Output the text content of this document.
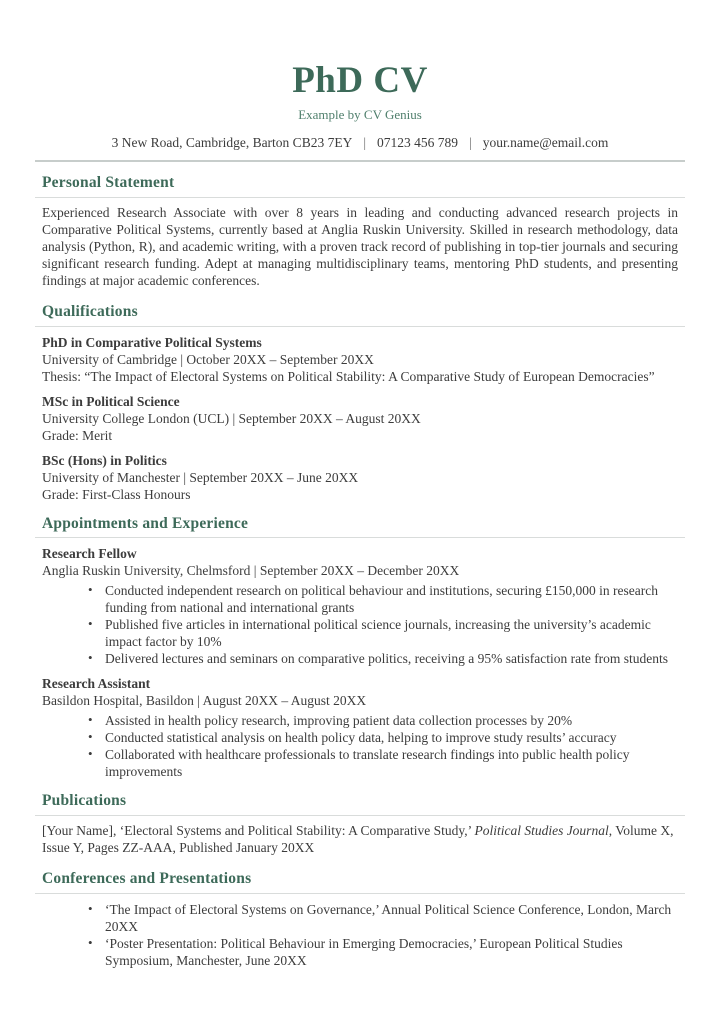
PhD CV
Example by CV Genius
3 New Road, Cambridge, Barton CB23 7EY | 07123 456 789 | your.name@email.com
Personal Statement

Experienced Research Associate with over 8 years in leading and conducting advanced research projects in Comparative Political Systems, currently based at Anglia Ruskin University. Skilled in research methodology, data analysis (Python, R), and academic writing, with a proven track record of publishing in top-tier journals and securing significant research funding. Adept at managing multidisciplinary teams, mentoring PhD students, and presenting findings at major academic conferences.

Qualifications
PhD in Comparative Political Systems
University of Cambridge | October 20XX – September 20XX
Thesis: “The Impact of Electoral Systems on Political Stability: A Comparative Study of European Democracies”
MSc in Political Science
University College London (UCL) | September 20XX – August 20XX
Grade: Merit
BSc (Hons) in Politics
University of Manchester | September 20XX – June 20XX
Grade: First-Class Honours
Appointments and Experience
Research Fellow
Anglia Ruskin University, Chelmsford | September 20XX – December 20XX
• Conducted independent research on political behaviour and institutions, securing £150,000 in research funding from national and international grants
• Published five articles in international political science journals, increasing the university’s academic impact factor by 10%
• Delivered lectures and seminars on comparative politics, receiving a 95% satisfaction rate from students
Research Assistant
Basildon Hospital, Basildon | August 20XX – August 20XX
• Assisted in health policy research, improving patient data collection processes by 20%
• Conducted statistical analysis on health policy data, helping to improve study results’ accuracy
• Collaborated with healthcare professionals to translate research findings into public health policy improvements
Publications

[Your Name], ‘Electoral Systems and Political Stability: A Comparative Study,’ Political Studies Journal, Volume X, Issue Y, Pages ZZ-AAA, Published January 20XX

Conferences and Presentations
• ‘The Impact of Electoral Systems on Governance,’ Annual Political Science Conference, London, March 20XX
• ‘Poster Presentation: Political Behaviour in Emerging Democracies,’ European Political Studies Symposium, Manchester, June 20XX
